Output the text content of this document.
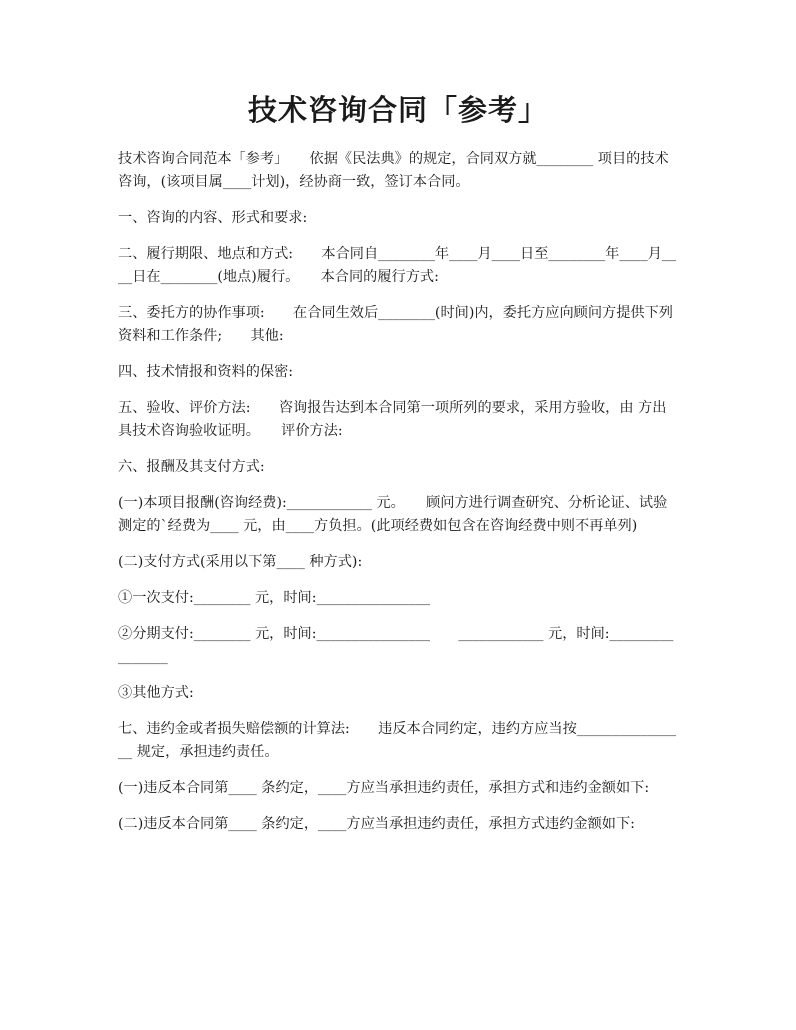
技术咨询合同「参考」

技术咨询合同范本「参考」　　依据《民法典》的规定，合同双方就________ 项目的技术咨询，(该项目属____计划)，经协商一致，签订本合同。

一、咨询的内容、形式和要求:

二、履行期限、地点和方式:　　本合同自________年____月____日至________年____月____日在________(地点)履行。　　本合同的履行方式:

三、委托方的协作事项:　　在合同生效后________(时间)内，委托方应向顾问方提供下列资料和工作条件;　　其他:

四、技术情报和资料的保密:

五、验收、评价方法:　　咨询报告达到本合同第一项所列的要求，采用方验收，由 方出具技术咨询验收证明。　　评价方法:

六、报酬及其支付方式:

(一)本项目报酬(咨询经费):____________ 元。　　顾问方进行调查研究、分析论证、试验测定的`经费为____ 元，由____方负担。(此项经费如包含在咨询经费中则不再单列)

(二)支付方式(采用以下第____ 种方式):

①一次支付:________ 元，时间:________________

②分期支付:________ 元，时间:________________　　____________ 元，时间:________________

③其他方式:

七、违约金或者损失赔偿额的计算法:　　违反本合同约定，违约方应当按________________ 规定，承担违约责任。

(一)违反本合同第____ 条约定，____方应当承担违约责任，承担方式和违约金额如下:

(二)违反本合同第____ 条约定，____方应当承担违约责任，承担方式违约金额如下:
